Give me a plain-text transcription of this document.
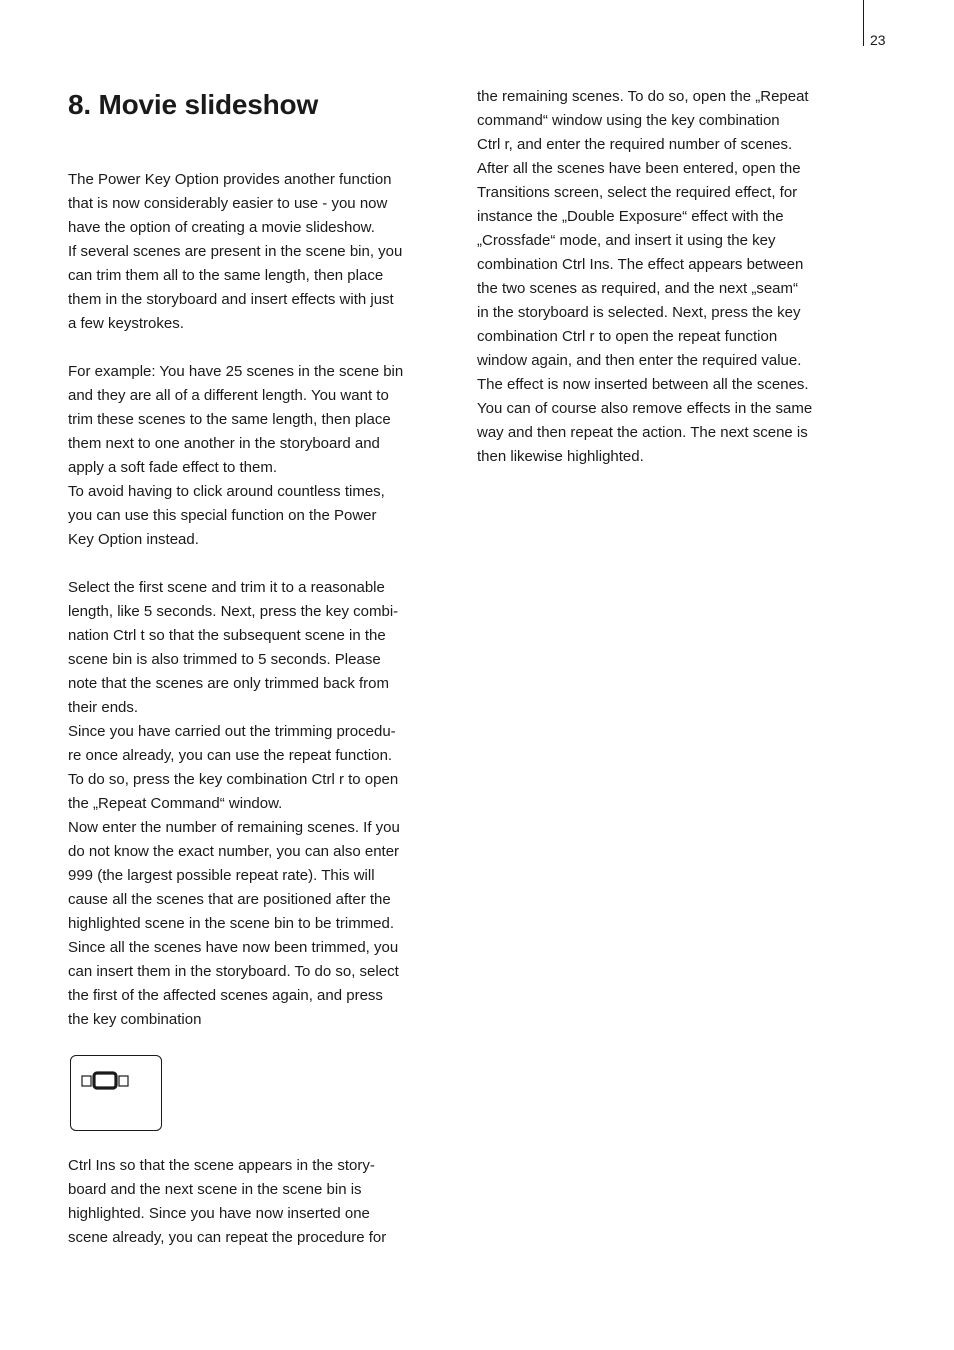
23
8. Movie slideshow
The Power Key Option provides another function
that is now considerably easier to use - you now
have the option of creating a movie slideshow.
If several scenes are present in the scene bin, you
can trim them all to the same length, then place
them in the storyboard and insert effects with just
a few keystrokes.
For example: You have 25 scenes in the scene bin
and they are all of a different length. You want to
trim these scenes to the same length, then place
them next to one another in the storyboard and
apply a soft fade effect to them.
To avoid having to click around countless times,
you can use this special function on the Power
Key Option instead.
Select the first scene and trim it to a reasonable
length, like 5 seconds. Next, press the key combi-
nation Ctrl t so that the subsequent scene in the
scene bin is also trimmed to 5 seconds. Please
note that the scenes are only trimmed back from
their ends.
Since you have carried out the trimming procedu-
re once already, you can use the repeat function.
To do so, press the key combination Ctrl r to open
the „Repeat Command“ window.
Now enter the number of remaining scenes. If you
do not know the exact number, you can also enter
999 (the largest possible repeat rate). This will
cause all the scenes that are positioned after the
highlighted scene in the scene bin to be trimmed.
Since all the scenes have now been trimmed, you
can insert them in the storyboard. To do so, select
the first of the affected scenes again, and press
the key combination
Ctrl Ins so that the scene appears in the story-
board and the next scene in the scene bin is
highlighted. Since you have now inserted one
scene already, you can repeat the procedure for
the remaining scenes. To do so, open the „Repeat
command“ window using the key combination
Ctrl r, and enter the required number of scenes.
After all the scenes have been entered, open the
Transitions screen, select the required effect, for
instance the „Double Exposure“ effect with the
„Crossfade“ mode, and insert it using the key
combination Ctrl Ins. The effect appears between
the two scenes as required, and the next „seam“
in the storyboard is selected. Next, press the key
combination Ctrl r to open the repeat function
window again, and then enter the required value.
The effect is now inserted between all the scenes.
You can of course also remove effects in the same
way and then repeat the action. The next scene is
then likewise highlighted.
